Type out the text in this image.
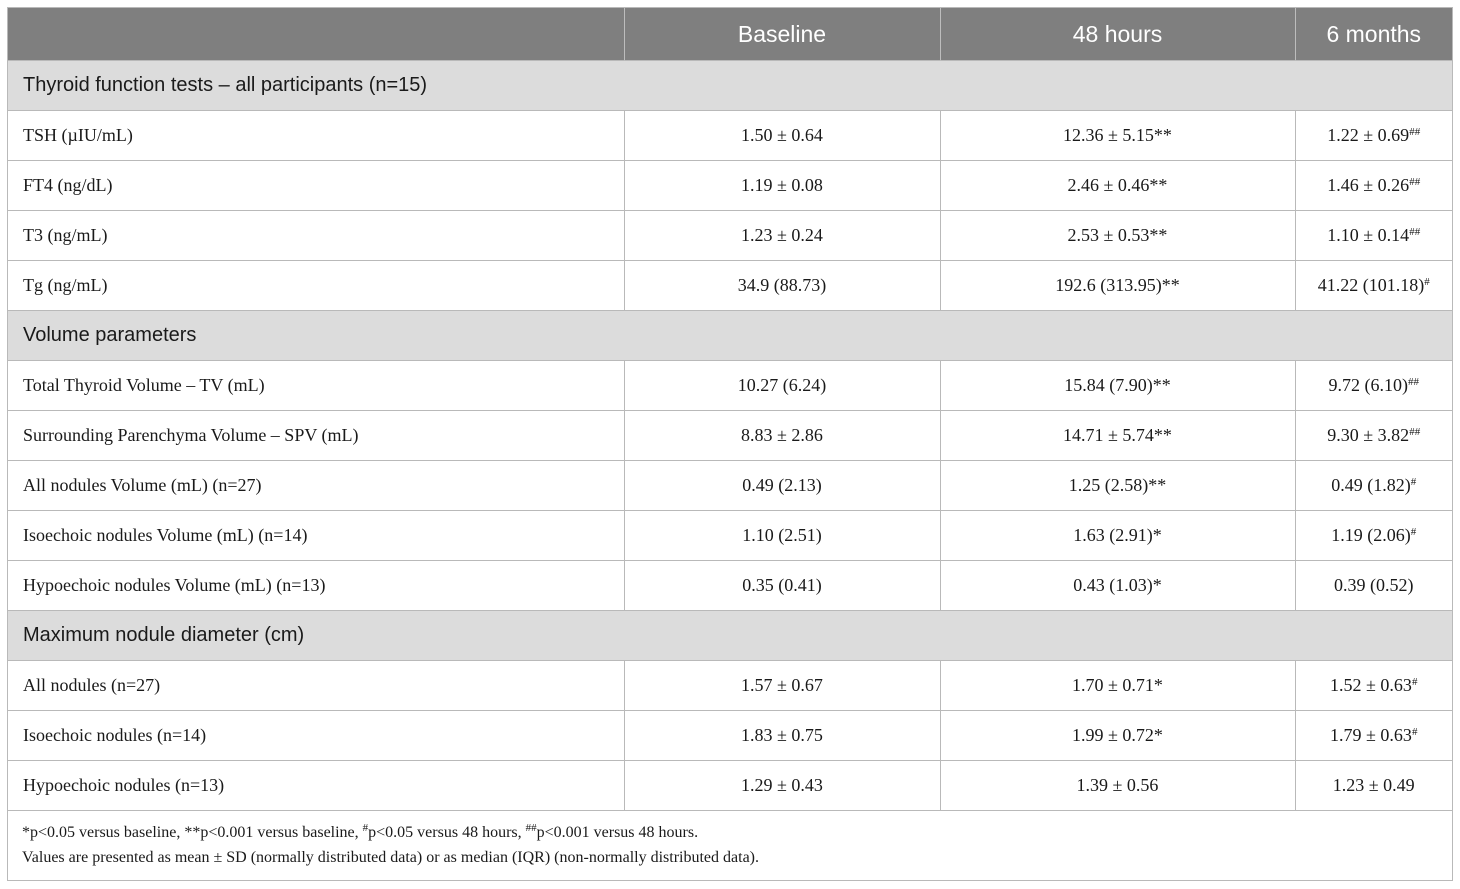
	Baseline	48 hours	6 months
Thyroid function tests – all participants (n=15)			
TSH (µIU/mL)	1.50 ± 0.64	12.36 ± 5.15**	1.22 ± 0.69##
FT4 (ng/dL)	1.19 ± 0.08	2.46 ± 0.46**	1.46 ± 0.26##
T3 (ng/mL)	1.23 ± 0.24	2.53 ± 0.53**	1.10 ± 0.14##
Tg (ng/mL)	34.9 (88.73)	192.6 (313.95)**	41.22 (101.18)#
Volume parameters			
Total Thyroid Volume – TV (mL)	10.27 (6.24)	15.84 (7.90)**	9.72 (6.10)##
Surrounding Parenchyma Volume – SPV (mL)	8.83 ± 2.86	14.71 ± 5.74**	9.30 ± 3.82##
All nodules Volume (mL) (n=27)	0.49 (2.13)	1.25 (2.58)**	0.49 (1.82)#
Isoechoic nodules Volume (mL) (n=14)	1.10 (2.51)	1.63 (2.91)*	1.19 (2.06)#
Hypoechoic nodules Volume (mL) (n=13)	0.35 (0.41)	0.43 (1.03)*	0.39 (0.52)
Maximum nodule diameter (cm)			
All nodules (n=27)	1.57 ± 0.67	1.70 ± 0.71*	1.52 ± 0.63#
Isoechoic nodules (n=14)	1.83 ± 0.75	1.99 ± 0.72*	1.79 ± 0.63#
Hypoechoic nodules (n=13)	1.29 ± 0.43	1.39 ± 0.56	1.23 ± 0.49
*p<0.05 versus baseline, **p<0.001 versus baseline, #p<0.05 versus 48 hours, ##p<0.001 versus 48 hours.
Values are presented as mean ± SD (normally distributed data) or as median (IQR) (non-normally distributed data).
